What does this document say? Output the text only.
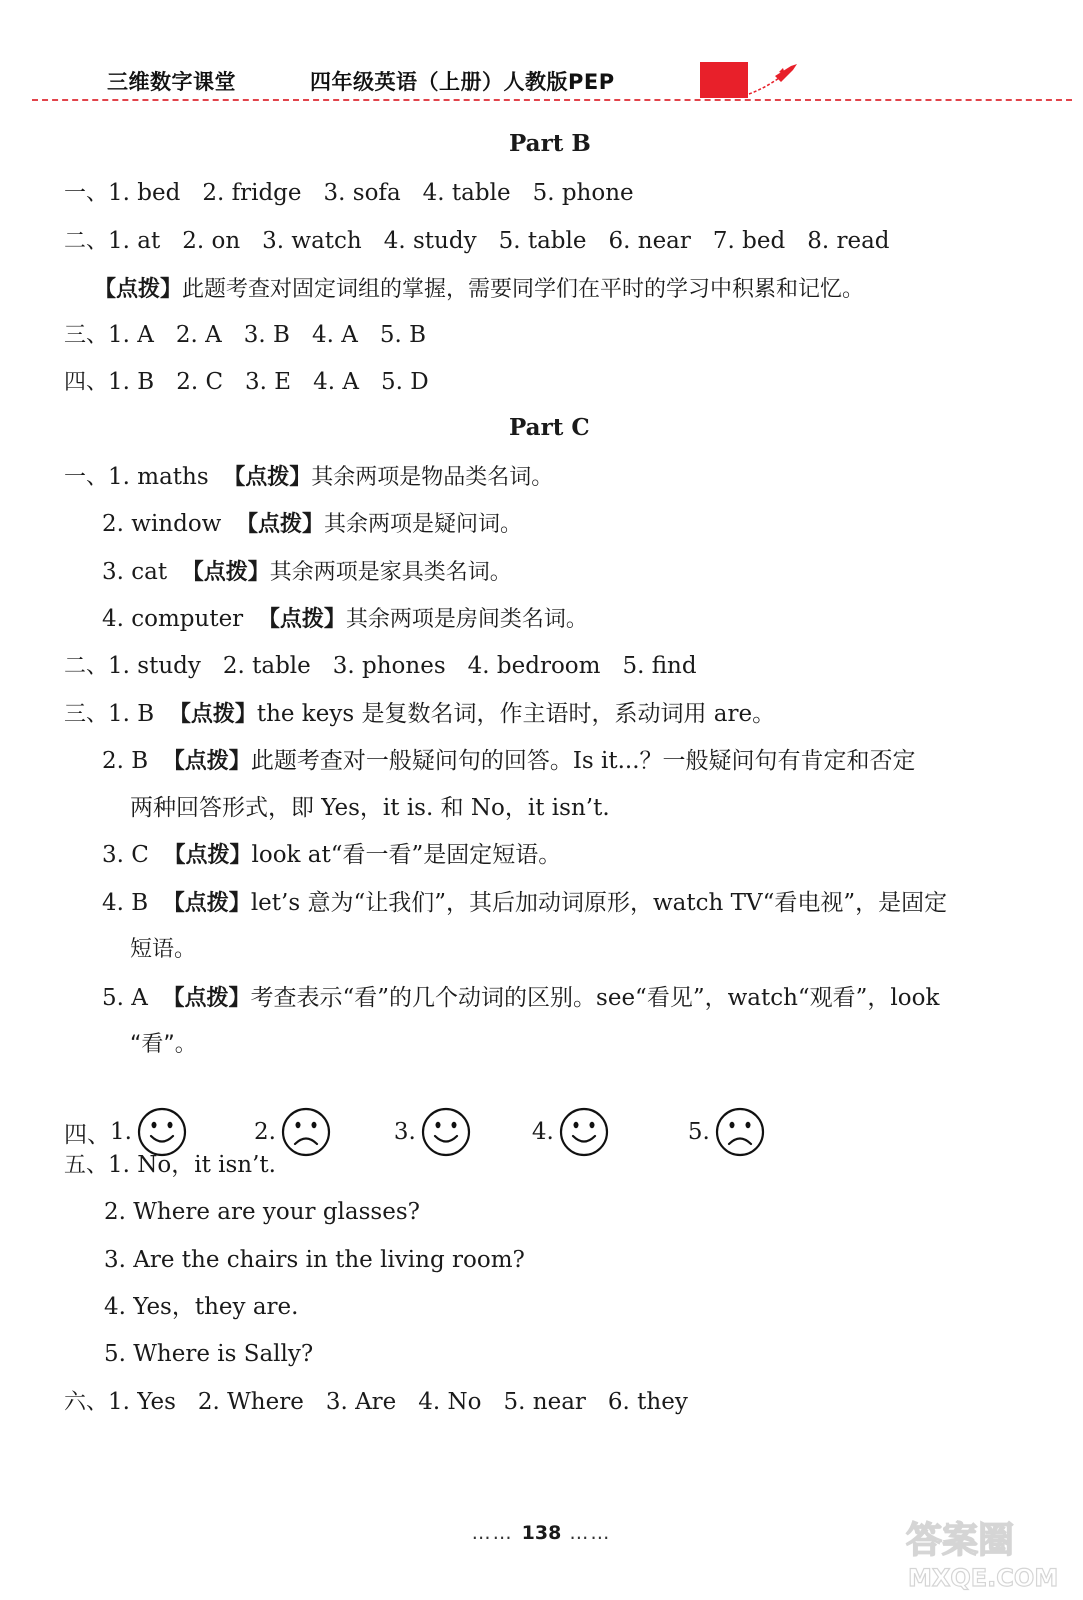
三维数字课堂	四年级英语（上册）人教版PEP
Part B
一、1. bed 2. fridge 3. sofa 4. table 5. phone
二、1. at 2. on 3. watch 4. study 5. table 6. near 7. bed 8. read
【点拨】此题考查对固定词组的掌握，需要同学们在平时的学习中积累和记忆。
三、1. A 2. A 3. B 4. A 5. B
四、1. B 2. C 3. E 4. A 5. D
Part C
一、1. maths 【点拨】其余两项是物品类名词。
2. window 【点拨】其余两项是疑问词。
3. cat 【点拨】其余两项是家具类名词。
4. computer 【点拨】其余两项是房间类名词。
二、1. study 2. table 3. phones 4. bedroom 5. find
三、1. B 【点拨】the keys 是复数名词，作主语时，系动词用 are。
2. B 【点拨】此题考查对一般疑问句的回答。Is it...？一般疑问句有肯定和否定
两种回答形式，即 Yes，it is. 和 No，it isn’t.
3. C 【点拨】look at“看一看”是固定短语。
4. B 【点拨】let’s 意为“让我们”，其后加动词原形，watch TV“看电视”，是固定
短语。
5. A 【点拨】考查表示“看”的几个动词的区别。see“看见”，watch“观看”，look
“看”。
四、 1.	2.	3.	4.	5.
五、1. No，it isn’t.
2. Where are your glasses?
3. Are the chairs in the living room?
4. Yes，they are.
5. Where is Sally?
六、1. Yes 2. Where 3. Are 4. No 5. near 6. they
…… 138 ……	答案圈
MXQE.COM
